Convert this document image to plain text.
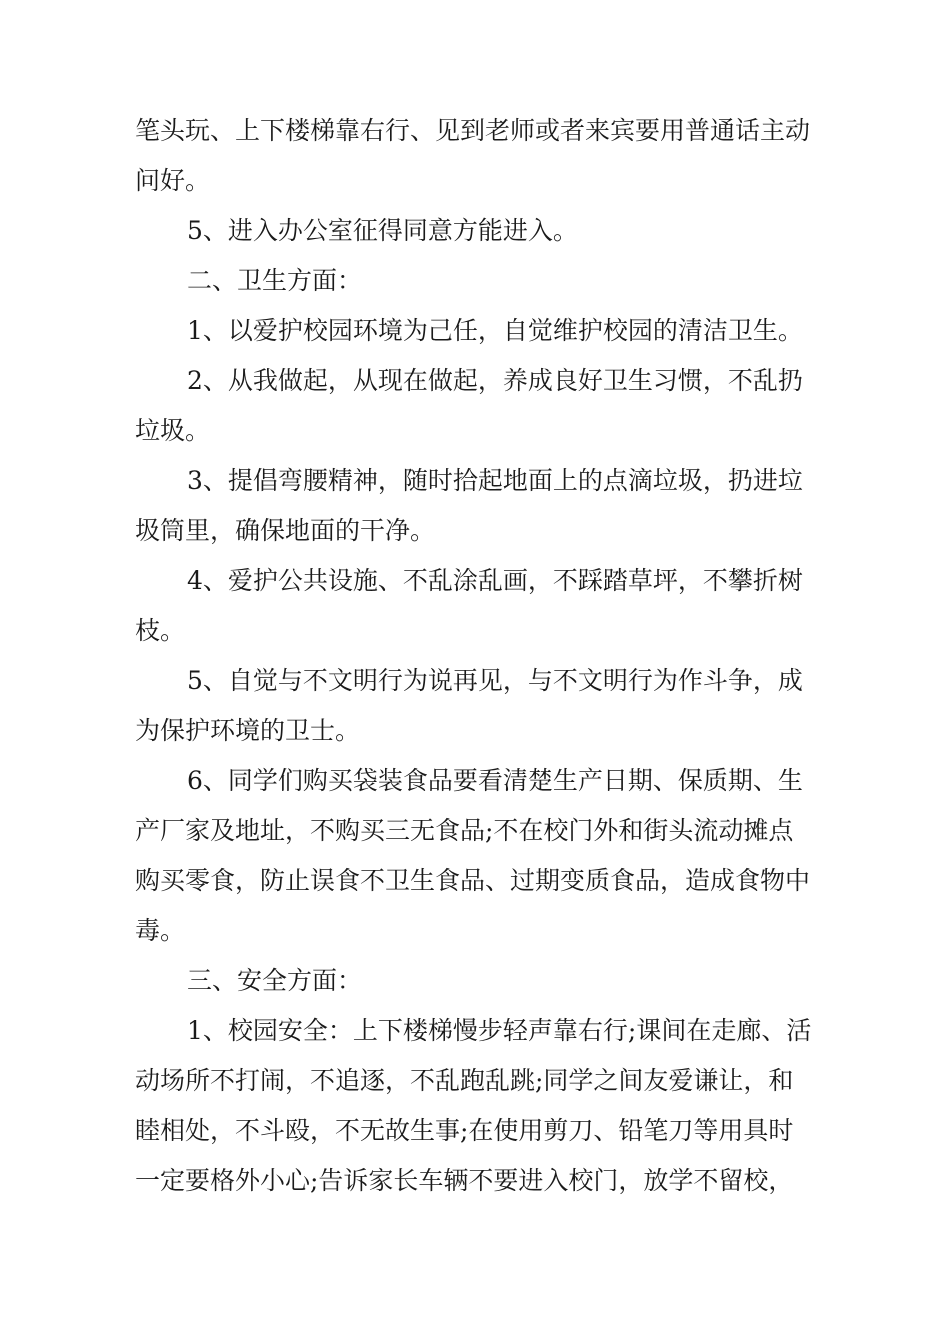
笔头玩、上下楼梯靠右行、见到老师或者来宾要用普通话主动
问好。
5、进入办公室征得同意方能进入。
二、卫生方面：
1、以爱护校园环境为己任，自觉维护校园的清洁卫生。
2、从我做起，从现在做起，养成良好卫生习惯，不乱扔
垃圾。
3、提倡弯腰精神，随时拾起地面上的点滴垃圾，扔进垃
圾筒里，确保地面的干净。
4、爱护公共设施、不乱涂乱画，不踩踏草坪，不攀折树
枝。
5、自觉与不文明行为说再见，与不文明行为作斗争，成
为保护环境的卫士。
6、同学们购买袋装食品要看清楚生产日期、保质期、生
产厂家及地址，不购买三无食品;不在校门外和街头流动摊点
购买零食，防止误食不卫生食品、过期变质食品，造成食物中
毒。
三、安全方面：
1、校园安全：上下楼梯慢步轻声靠右行;课间在走廊、活
动场所不打闹，不追逐，不乱跑乱跳;同学之间友爱谦让，和
睦相处，不斗殴，不无故生事;在使用剪刀、铅笔刀等用具时
一定要格外小心;告诉家长车辆不要进入校门，放学不留校，
